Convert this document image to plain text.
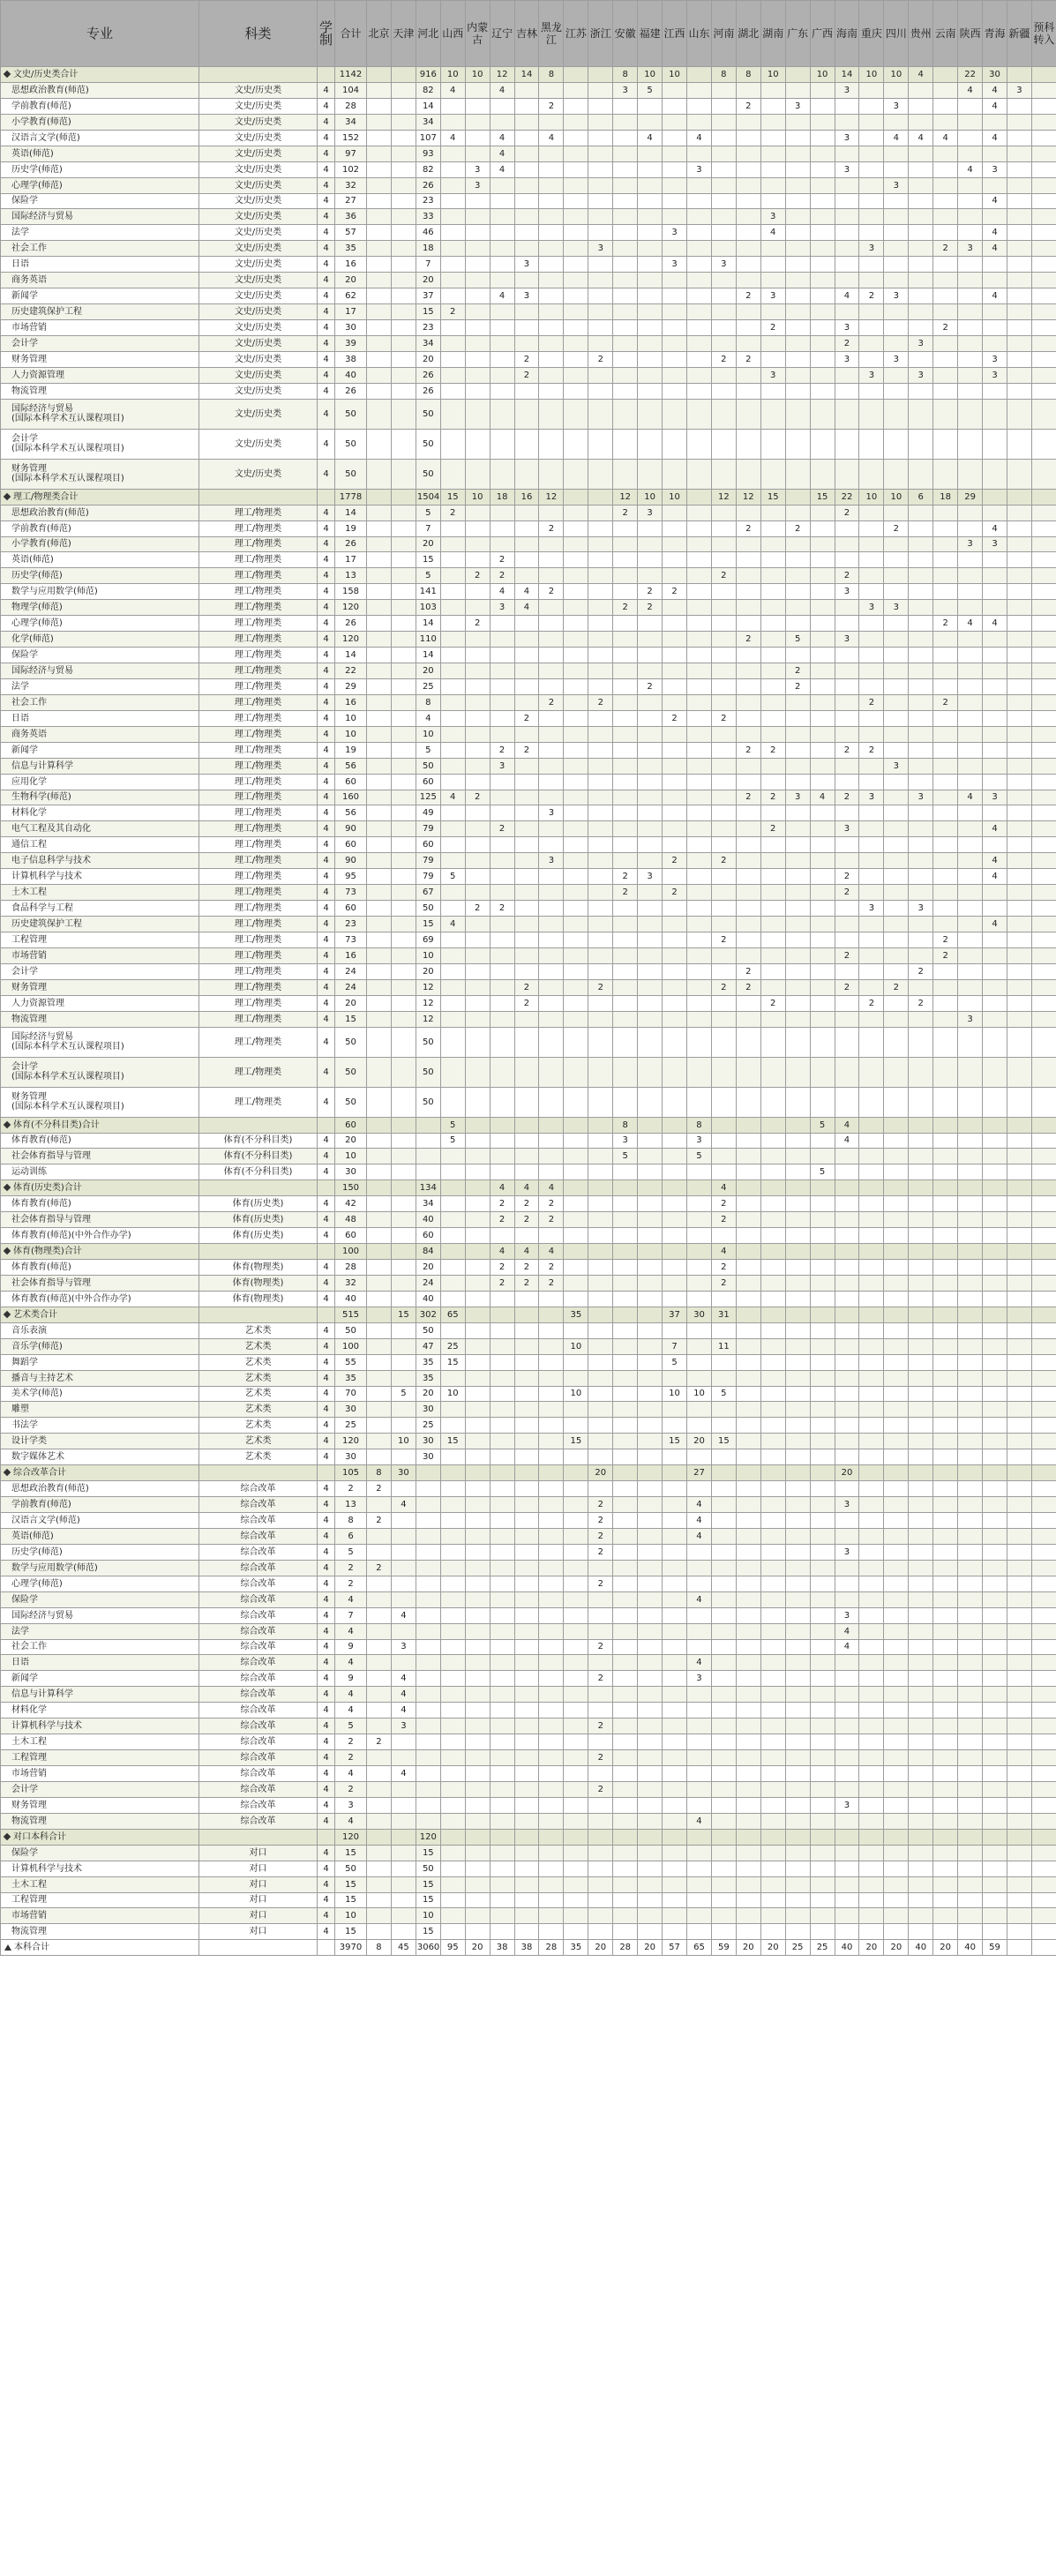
专业	科类	学制	合计	北京	天津	河北	山西	内蒙古	辽宁	吉林	黑龙江	江苏	浙江	安徽	福建	江西	山东	河南	湖北	湖南	广东	广西	海南	重庆	四川	贵州	云南	陕西	青海	新疆	预科转入
文史/历史类合计			1142			916	10	10	12	14	8			8	10	10		8	8	10		10	14	10	10	4		22	30		
思想政治教育(师范)	文史/历史类	4	104			82	4		4					3	5								3					4	4	3	
学前教育(师范)	文史/历史类	4	28			14					2								2		3				3				4		
小学教育(师范)	文史/历史类	4	34			34																									
汉语言文学(师范)	文史/历史类	4	152			107	4		4		4				4		4						3		4	4	4		4		
英语(师范)	文史/历史类	4	97			93			4																						
历史学(师范)	文史/历史类	4	102			82		3	4								3						3					4	3		
心理学(师范)	文史/历史类	4	32			26		3																	3						
保险学	文史/历史类	4	27			23																							4		
国际经济与贸易	文史/历史类	4	36			33														3											
法学	文史/历史类	4	57			46										3				4									4		
社会工作	文史/历史类	4	35			18							3											3			2	3	4		
日语	文史/历史类	4	16			7				3						3		3													
商务英语	文史/历史类	4	20			20																									
新闻学	文史/历史类	4	62			37			4	3									2	3			4	2	3				4		
历史建筑保护工程	文史/历史类	4	17			15	2																								
市场营销	文史/历史类	4	30			23														2			3				2				
会计学	文史/历史类	4	39			34																	2			3					
财务管理	文史/历史类	4	38			20				2			2					2	2				3		3				3		
人力资源管理	文史/历史类	4	40			26				2										3				3		3			3		
物流管理	文史/历史类	4	26			26																									
国际经济与贸易
(国际本科学术互认课程项目)	文史/历史类	4	50			50																									
会计学
(国际本科学术互认课程项目)	文史/历史类	4	50			50																									
财务管理
(国际本科学术互认课程项目)	文史/历史类	4	50			50																									
理工/物理类合计			1778			1504	15	10	18	16	12			12	10	10		12	12	15		15	22	10	10	6	18	29			
思想政治教育(师范)	理工/物理类	4	14			5	2							2	3								2								
学前教育(师范)	理工/物理类	4	19			7					2								2		2				2				4		
小学教育(师范)	理工/物理类	4	26			20																						3	3		
英语(师范)	理工/物理类	4	17			15			2																						
历史学(师范)	理工/物理类	4	13			5		2	2									2					2								
数学与应用数学(师范)	理工/物理类	4	158			141			4	4	2				2	2							3								
物理学(师范)	理工/物理类	4	120			103			3	4				2	2									3	3						
心理学(师范)	理工/物理类	4	26			14		2																			2	4	4		
化学(师范)	理工/物理类	4	120			110													2		5		3								
保险学	理工/物理类	4	14			14																									
国际经济与贸易	理工/物理类	4	22			20															2										
法学	理工/物理类	4	29			25									2						2										
社会工作	理工/物理类	4	16			8					2		2											2			2				
日语	理工/物理类	4	10			4				2						2		2													
商务英语	理工/物理类	4	10			10																									
新闻学	理工/物理类	4	19			5			2	2									2	2			2	2							
信息与计算科学	理工/物理类	4	56			50			3																3						
应用化学	理工/物理类	4	60			60																									
生物科学(师范)	理工/物理类	4	160			125	4	2											2	2	3	4	2	3		3		4	3		
材料化学	理工/物理类	4	56			49					3																				
电气工程及其自动化	理工/物理类	4	90			79			2											2			3						4		
通信工程	理工/物理类	4	60			60																									
电子信息科学与技术	理工/物理类	4	90			79					3					2		2											4		
计算机科学与技术	理工/物理类	4	95			79	5							2	3								2						4		
土木工程	理工/物理类	4	73			67								2		2							2								
食品科学与工程	理工/物理类	4	60			50		2	2															3		3					
历史建筑保护工程	理工/物理类	4	23			15	4																						4		
工程管理	理工/物理类	4	73			69												2									2				
市场营销	理工/物理类	4	16			10																	2				2				
会计学	理工/物理类	4	24			20													2							2					
财务管理	理工/物理类	4	24			12				2			2					2	2				2		2						
人力资源管理	理工/物理类	4	20			12				2										2				2		2					
物流管理	理工/物理类	4	15			12																						3			
国际经济与贸易
(国际本科学术互认课程项目)	理工/物理类	4	50			50																									
会计学
(国际本科学术互认课程项目)	理工/物理类	4	50			50																									
财务管理
(国际本科学术互认课程项目)	理工/物理类	4	50			50																									
体育(不分科目类)合计			60				5							8			8					5	4								
体育教育(师范)	体育(不分科目类)	4	20				5							3			3						4								
社会体育指导与管理	体育(不分科目类)	4	10											5			5														
运动训练	体育(不分科目类)	4	30																			5									
体育(历史类)合计			150			134			4	4	4							4													
体育教育(师范)	体育(历史类)	4	42			34			2	2	2							2													
社会体育指导与管理	体育(历史类)	4	48			40			2	2	2							2													
体育教育(师范)(中外合作办学)	体育(历史类)	4	60			60																									
体育(物理类)合计			100			84			4	4	4							4													
体育教育(师范)	体育(物理类)	4	28			20			2	2	2							2													
社会体育指导与管理	体育(物理类)	4	32			24			2	2	2							2													
体育教育(师范)(中外合作办学)	体育(物理类)	4	40			40																									
艺术类合计			515		15	302	65					35				37	30	31													
音乐表演	艺术类	4	50			50																									
音乐学(师范)	艺术类	4	100			47	25					10				7		11													
舞蹈学	艺术类	4	55			35	15									5															
播音与主持艺术	艺术类	4	35			35																									
美术学(师范)	艺术类	4	70		5	20	10					10				10	10	5													
雕塑	艺术类	4	30			30																									
书法学	艺术类	4	25			25																									
设计学类	艺术类	4	120		10	30	15					15				15	20	15													
数字媒体艺术	艺术类	4	30			30																									
综合改革合计			105	8	30								20				27						20								
思想政治教育(师范)	综合改革	4	2	2																											
学前教育(师范)	综合改革	4	13		4								2				4						3								
汉语言文学(师范)	综合改革	4	8	2									2				4														
英语(师范)	综合改革	4	6										2				4														
历史学(师范)	综合改革	4	5										2										3								
数学与应用数学(师范)	综合改革	4	2	2																											
心理学(师范)	综合改革	4	2										2																		
保险学	综合改革	4	4														4														
国际经济与贸易	综合改革	4	7		4																		3								
法学	综合改革	4	4																				4								
社会工作	综合改革	4	9		3								2										4								
日语	综合改革	4	4														4														
新闻学	综合改革	4	9		4								2				3														
信息与计算科学	综合改革	4	4		4																										
材料化学	综合改革	4	4		4																										
计算机科学与技术	综合改革	4	5		3								2																		
土木工程	综合改革	4	2	2																											
工程管理	综合改革	4	2										2																		
市场营销	综合改革	4	4		4																										
会计学	综合改革	4	2										2																		
财务管理	综合改革	4	3																				3								
物流管理	综合改革	4	4														4														
对口本科合计			120			120																									
保险学	对口	4	15			15																									
计算机科学与技术	对口	4	50			50																									
土木工程	对口	4	15			15																									
工程管理	对口	4	15			15																									
市场营销	对口	4	10			10																									
物流管理	对口	4	15			15																									
本科合计			3970	8	45	3060	95	20	38	38	28	35	20	28	20	57	65	59	20	20	25	25	40	20	20	40	20	40	59		
